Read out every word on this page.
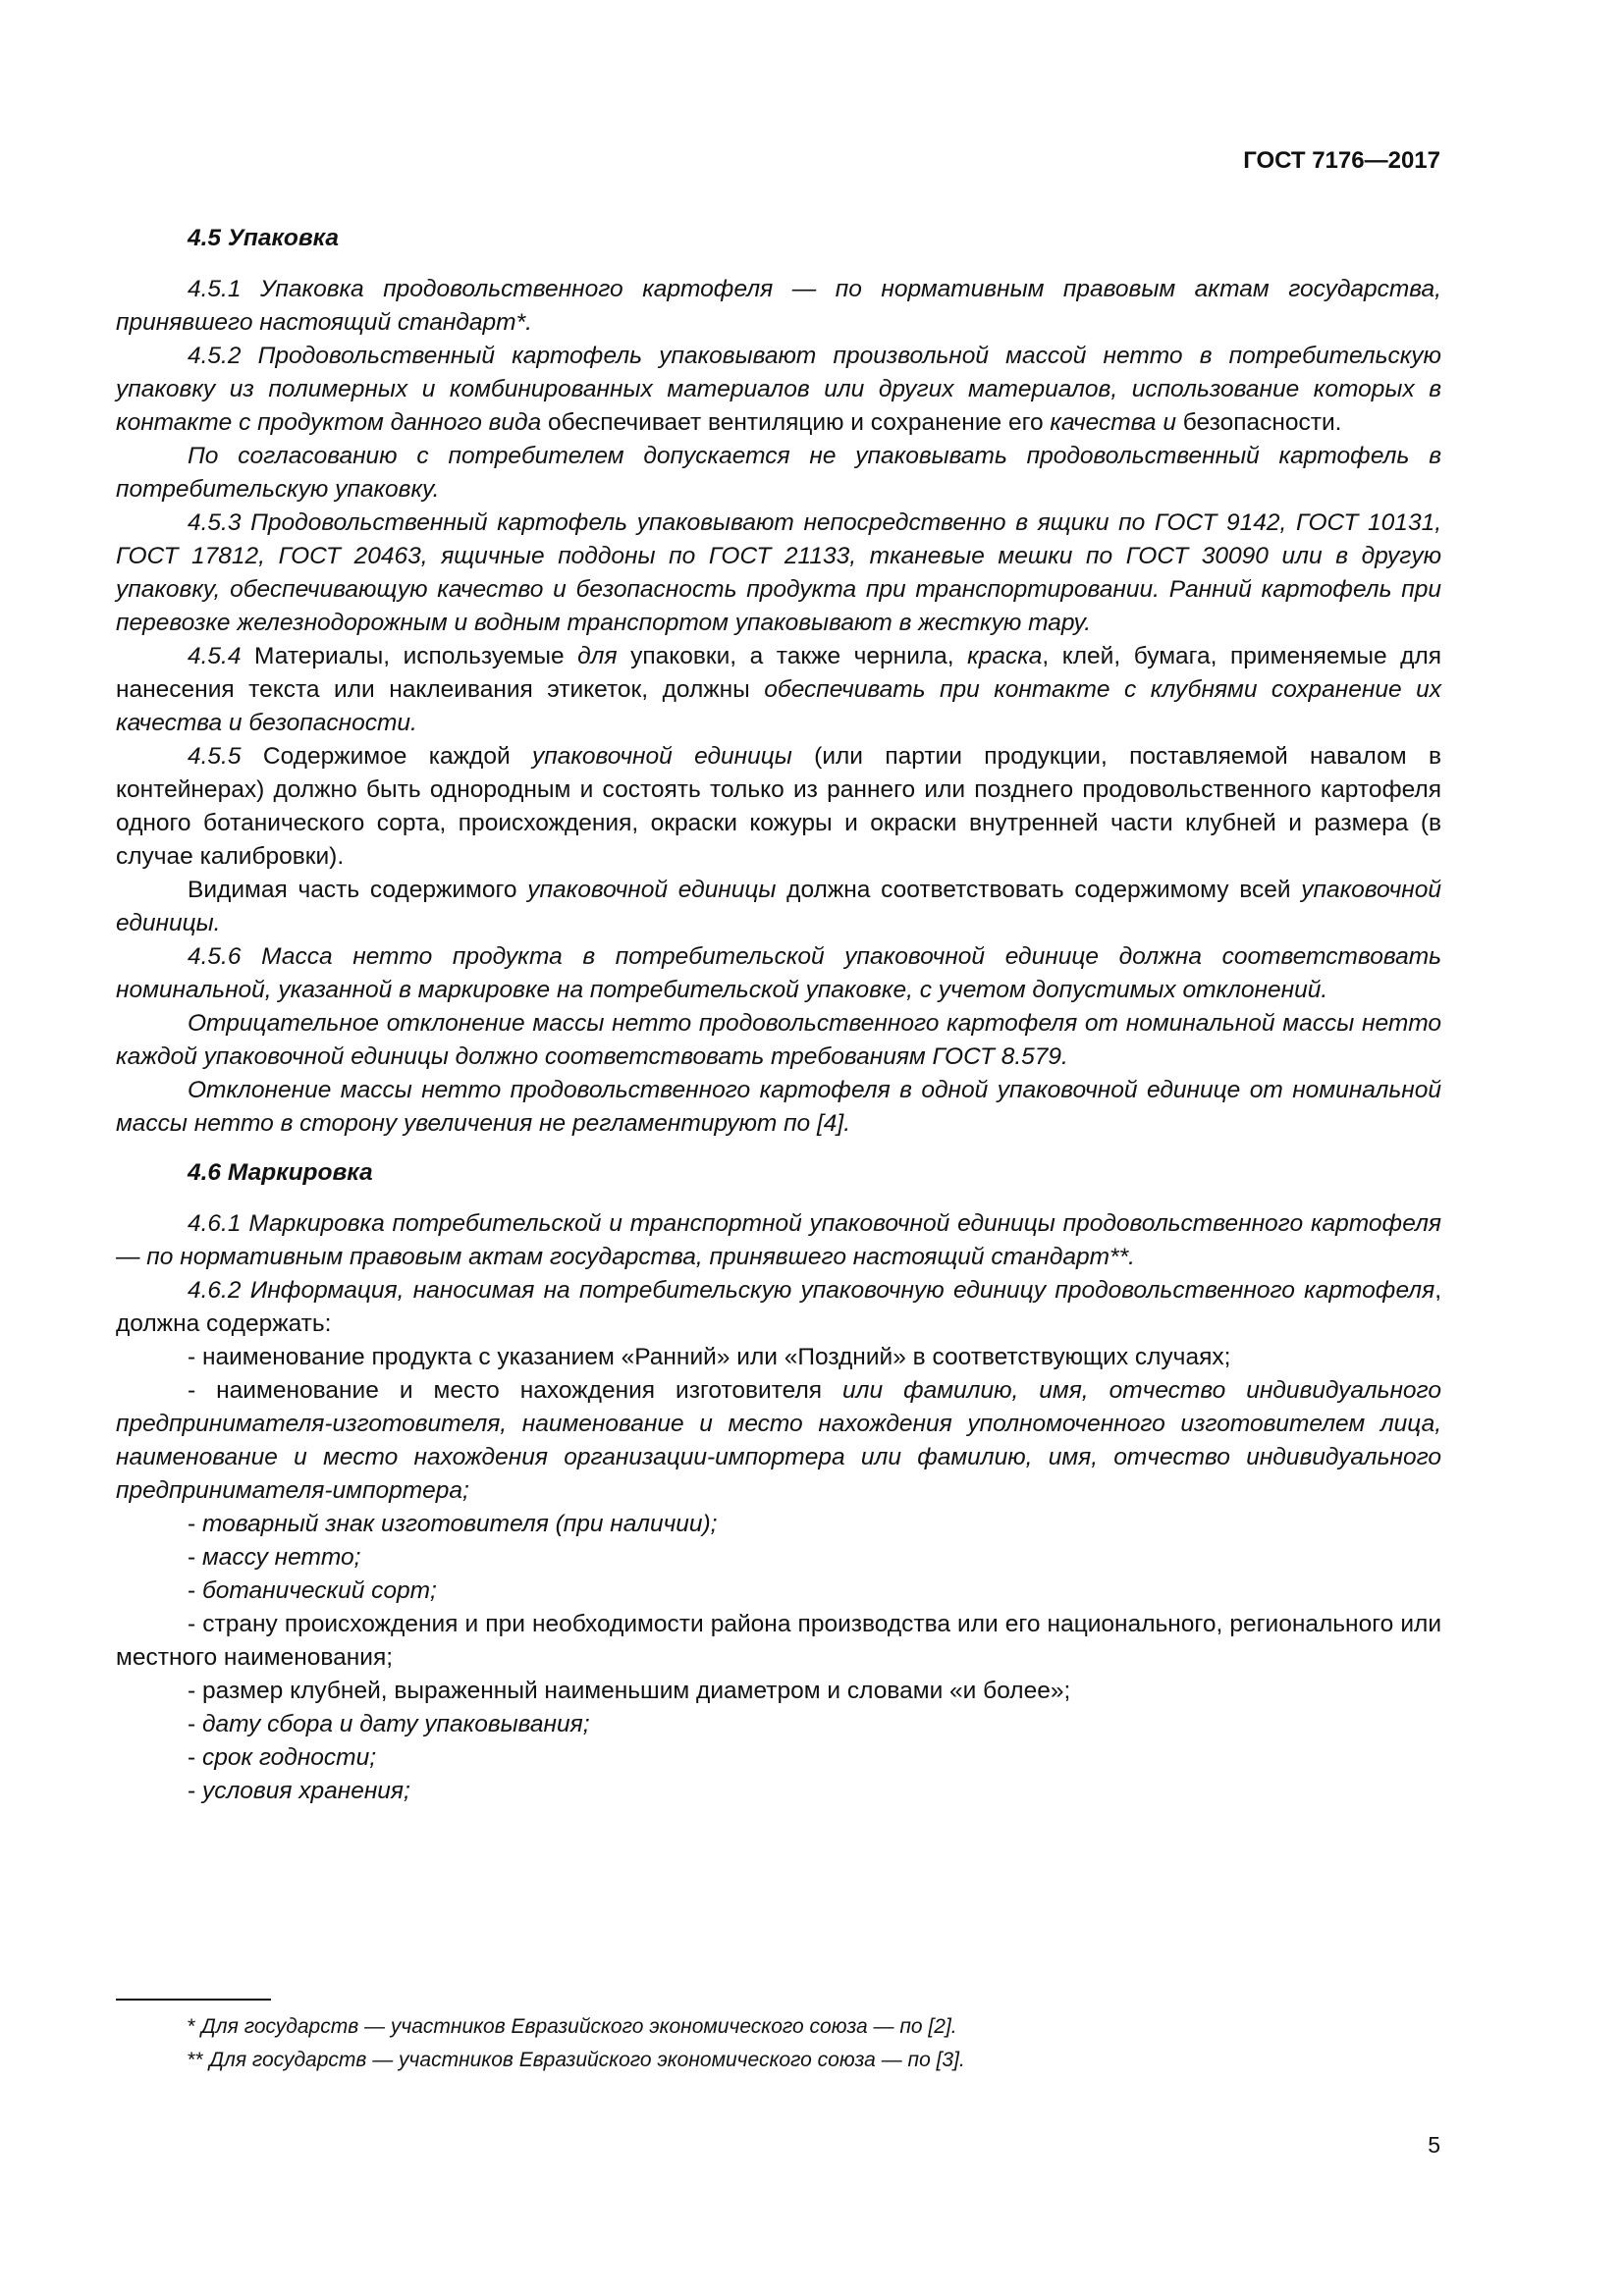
ГОСТ 7176—2017

4.5 Упаковка

4.5.1 Упаковка продовольственного картофеля — по нормативным правовым актам государства, принявшего настоящий стандарт*.

4.5.2 Продовольственный картофель упаковывают произвольной массой нетто в потребительскую упаковку из полимерных и комбинированных материалов или других материалов, использование которых в контакте с продуктом данного вида обеспечивает вентиляцию и сохранение его качества и безопасности.

По согласованию с потребителем допускается не упаковывать продовольственный картофель в потребительскую упаковку.

4.5.3 Продовольственный картофель упаковывают непосредственно в ящики по ГОСТ 9142, ГОСТ 10131, ГОСТ 17812, ГОСТ 20463, ящичные поддоны по ГОСТ 21133, тканевые мешки по ГОСТ 30090 или в другую упаковку, обеспечивающую качество и безопасность продукта при транспортировании. Ранний картофель при перевозке железнодорожным и водным транспортом упаковывают в жесткую тару.

4.5.4 Материалы, используемые для упаковки, а также чернила, краска, клей, бумага, применяемые для нанесения текста или наклеивания этикеток, должны обеспечивать при контакте с клубнями сохранение их качества и безопасности.

4.5.5 Содержимое каждой упаковочной единицы (или партии продукции, поставляемой навалом в контейнерах) должно быть однородным и состоять только из раннего или позднего продовольственного картофеля одного ботанического сорта, происхождения, окраски кожуры и окраски внутренней части клубней и размера (в случае калибровки).

Видимая часть содержимого упаковочной единицы должна соответствовать содержимому всей упаковочной единицы.

4.5.6 Масса нетто продукта в потребительской упаковочной единице должна соответствовать номинальной, указанной в маркировке на потребительской упаковке, с учетом допустимых отклонений.

Отрицательное отклонение массы нетто продовольственного картофеля от номинальной массы нетто каждой упаковочной единицы должно соответствовать требованиям ГОСТ 8.579.

Отклонение массы нетто продовольственного картофеля в одной упаковочной единице от номинальной массы нетто в сторону увеличения не регламентируют по [4].

4.6 Маркировка

4.6.1 Маркировка потребительской и транспортной упаковочной единицы продовольственного картофеля — по нормативным правовым актам государства, принявшего настоящий стандарт**.

4.6.2 Информация, наносимая на потребительскую упаковочную единицу продовольственного картофеля, должна содержать:

- наименование продукта с указанием «Ранний» или «Поздний» в соответствующих случаях;

- наименование и место нахождения изготовителя или фамилию, имя, отчество индивидуального предпринимателя-изготовителя, наименование и место нахождения уполномоченного изготовителем лица, наименование и место нахождения организации-импортера или фамилию, имя, отчество индивидуального предпринимателя-импортера;

- товарный знак изготовителя (при наличии);

- массу нетто;

- ботанический сорт;

- страну происхождения и при необходимости района производства или его национального, регионального или местного наименования;

- размер клубней, выраженный наименьшим диаметром и словами «и более»;

- дату сбора и дату упаковывания;

- срок годности;

- условия хранения;

* Для государств — участников Евразийского экономического союза — по [2].

** Для государств — участников Евразийского экономического союза — по [3].

5
